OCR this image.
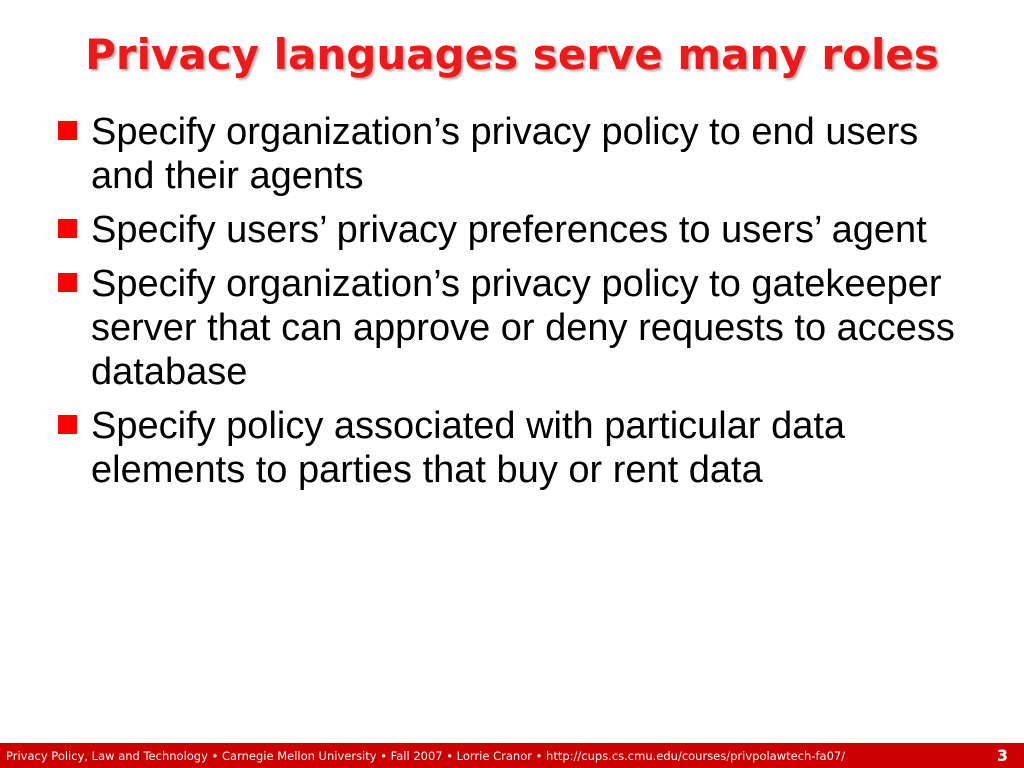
Privacy languages serve many roles
Specify organization’s privacy policy to end users and their agents
Specify users’ privacy preferences to users’ agent
Specify organization’s privacy policy to gatekeeper server that can approve or deny requests to access database
Specify policy associated with particular data elements to parties that buy or rent data
Privacy Policy, Law and Technology • Carnegie Mellon University • Fall 2007 • Lorrie Cranor • http://cups.cs.cmu.edu/courses/privpolawtech-fa07/	3
